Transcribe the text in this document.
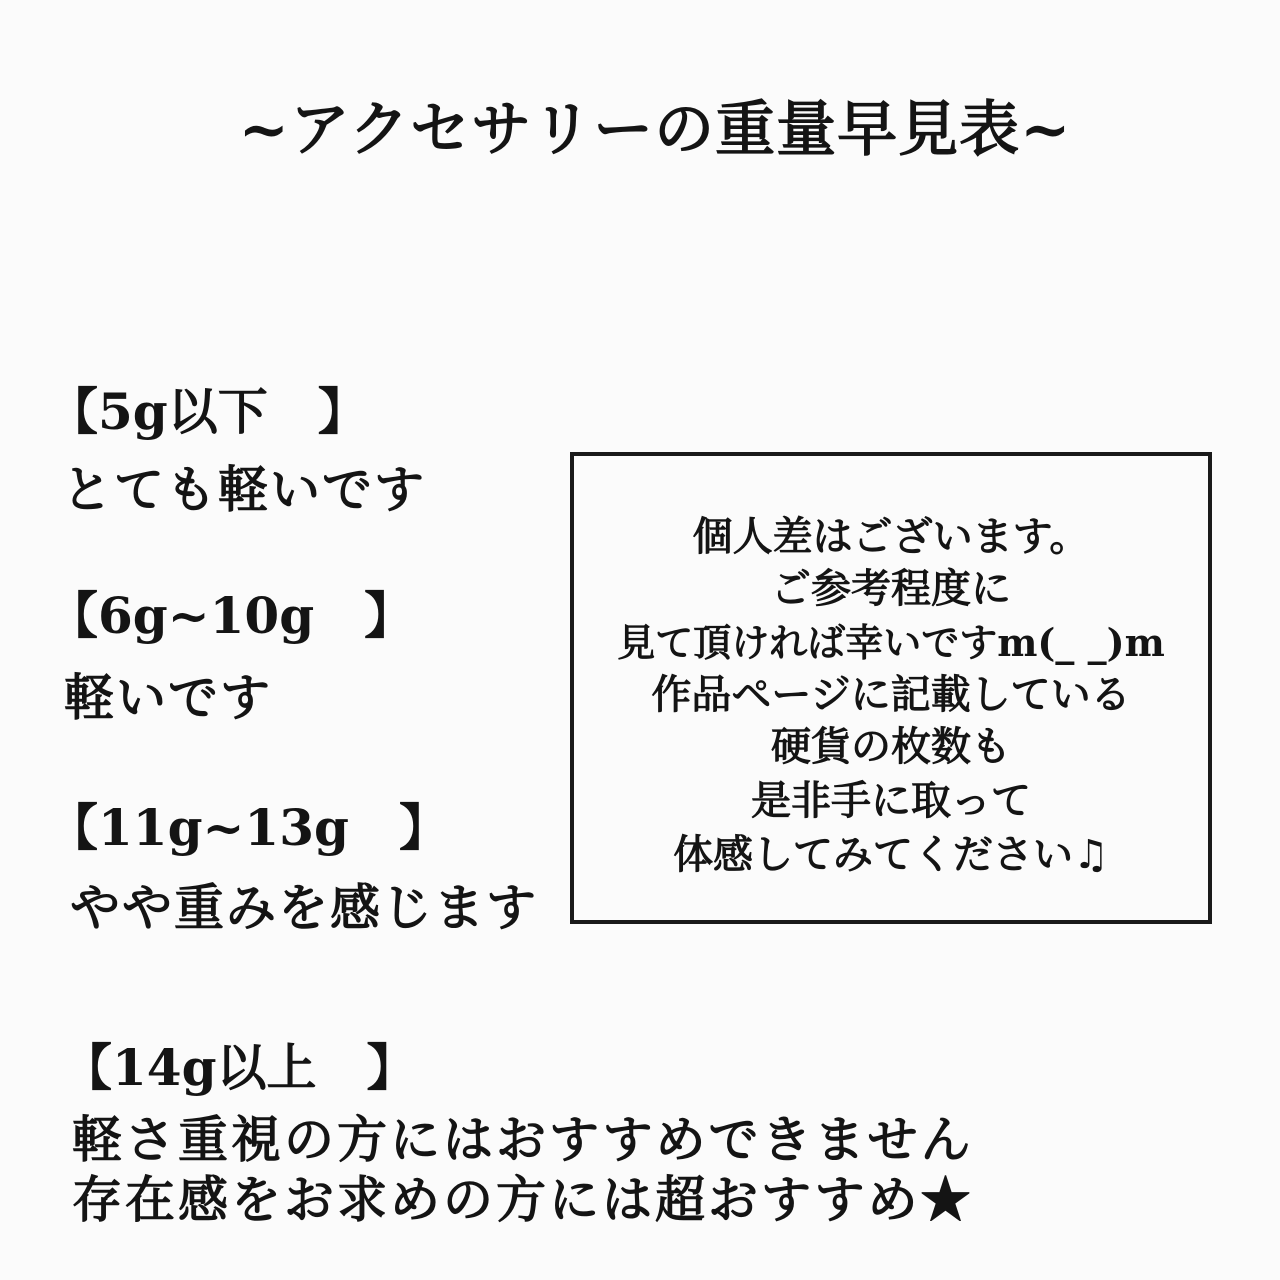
~アクセサリーの重量早見表~
【5g以下　】
とても軽いです
【6g~10g　】
軽いです
【11g~13g　】
やや重みを感じます
【14g以上　】
軽さ重視の方にはおすすめできません
存在感をお求めの方には超おすすめ★
個人差はございます。
ご参考程度に
見て頂ければ幸いですm(_ _)m
作品ページに記載している
硬貨の枚数も
是非手に取って
体感してみてください♫
